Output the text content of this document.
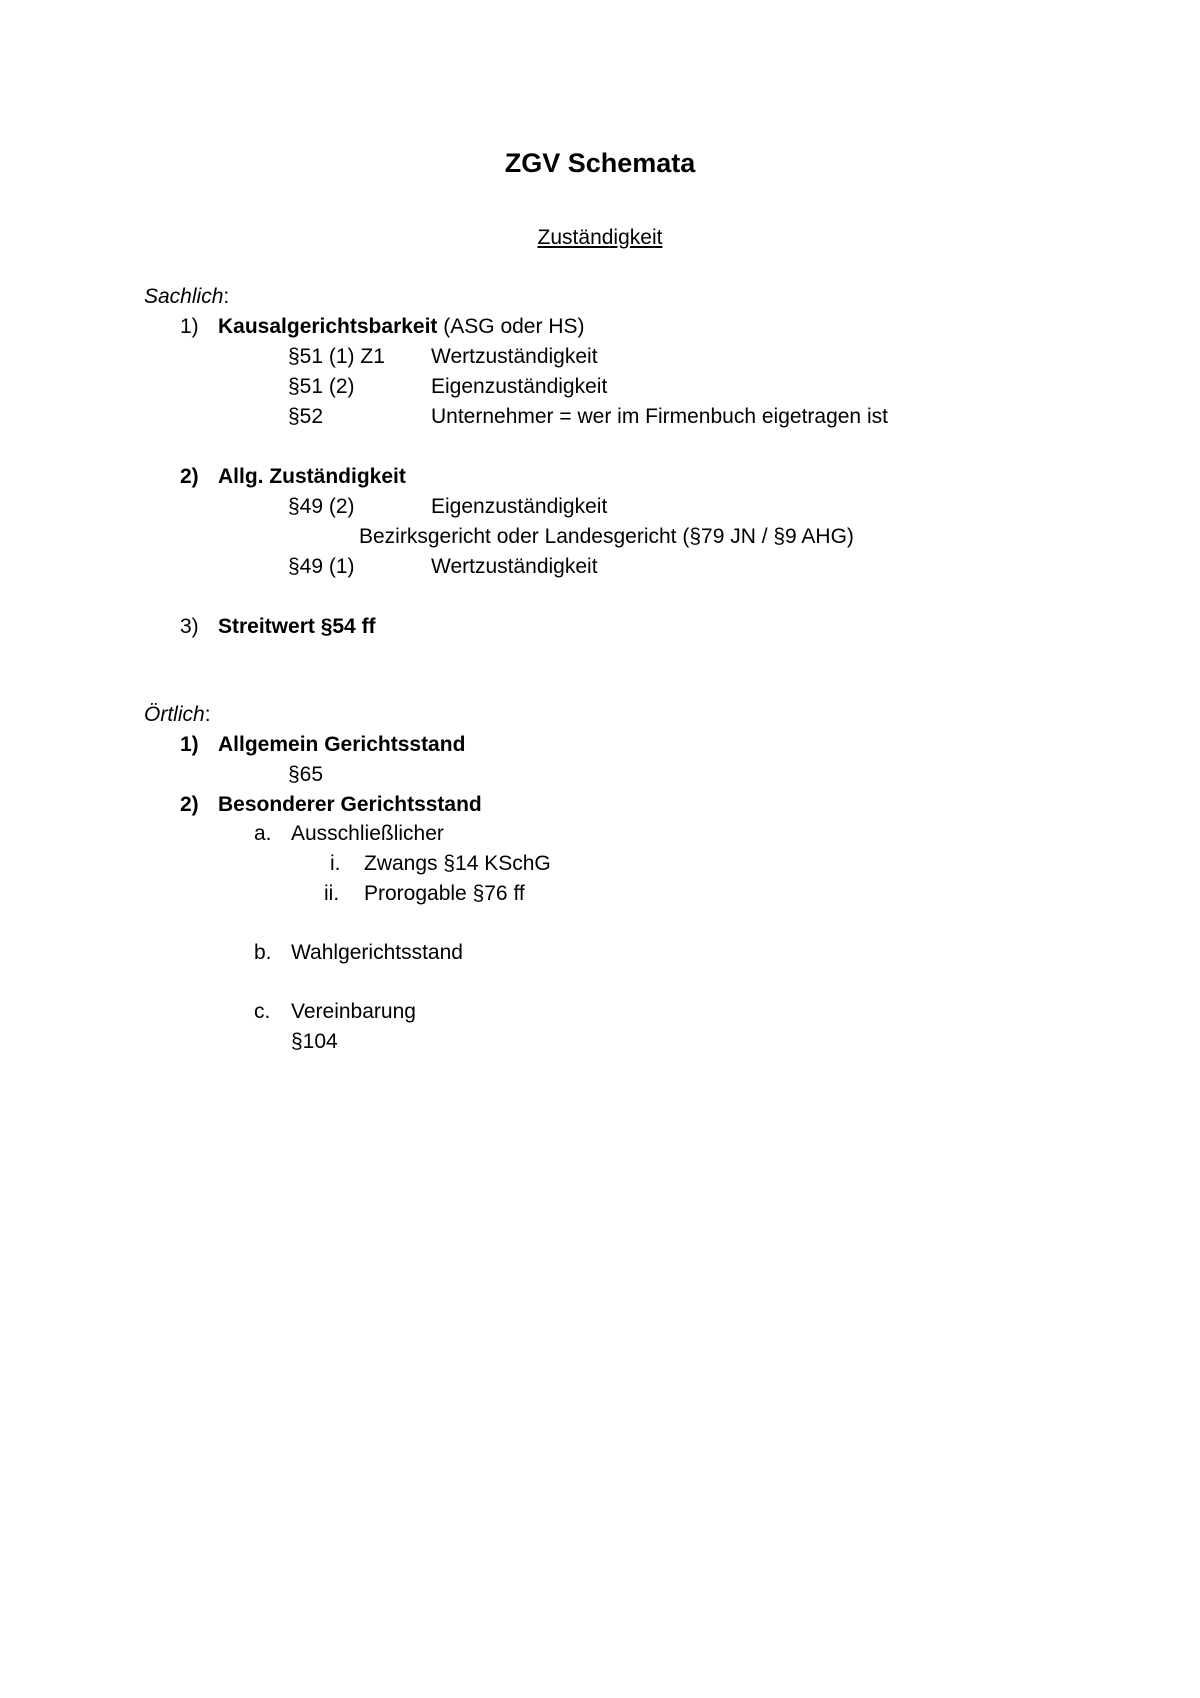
ZGV Schemata
Zuständigkeit
Sachlich:
1) Kausalgerichtsbarkeit (ASG oder HS)
§51 (1) Z1 Wertzuständigkeit
§51 (2)	Eigenzuständigkeit
§52	Unternehmer = wer im Firmenbuch eigetragen ist
2) Allg. Zuständigkeit
§49 (2)	Eigenzuständigkeit
Bezirksgericht oder Landesgericht (§79 JN / §9 AHG)
§49 (1)	Wertzuständigkeit
3) Streitwert §54 ff
Örtlich:
1) Allgemein Gerichtsstand
§65
2) Besonderer Gerichtsstand
a. Ausschließlicher
i. Zwangs §14 KSchG
ii. Prorogable §76 ff
b. Wahlgerichtsstand
c. Vereinbarung
§104
